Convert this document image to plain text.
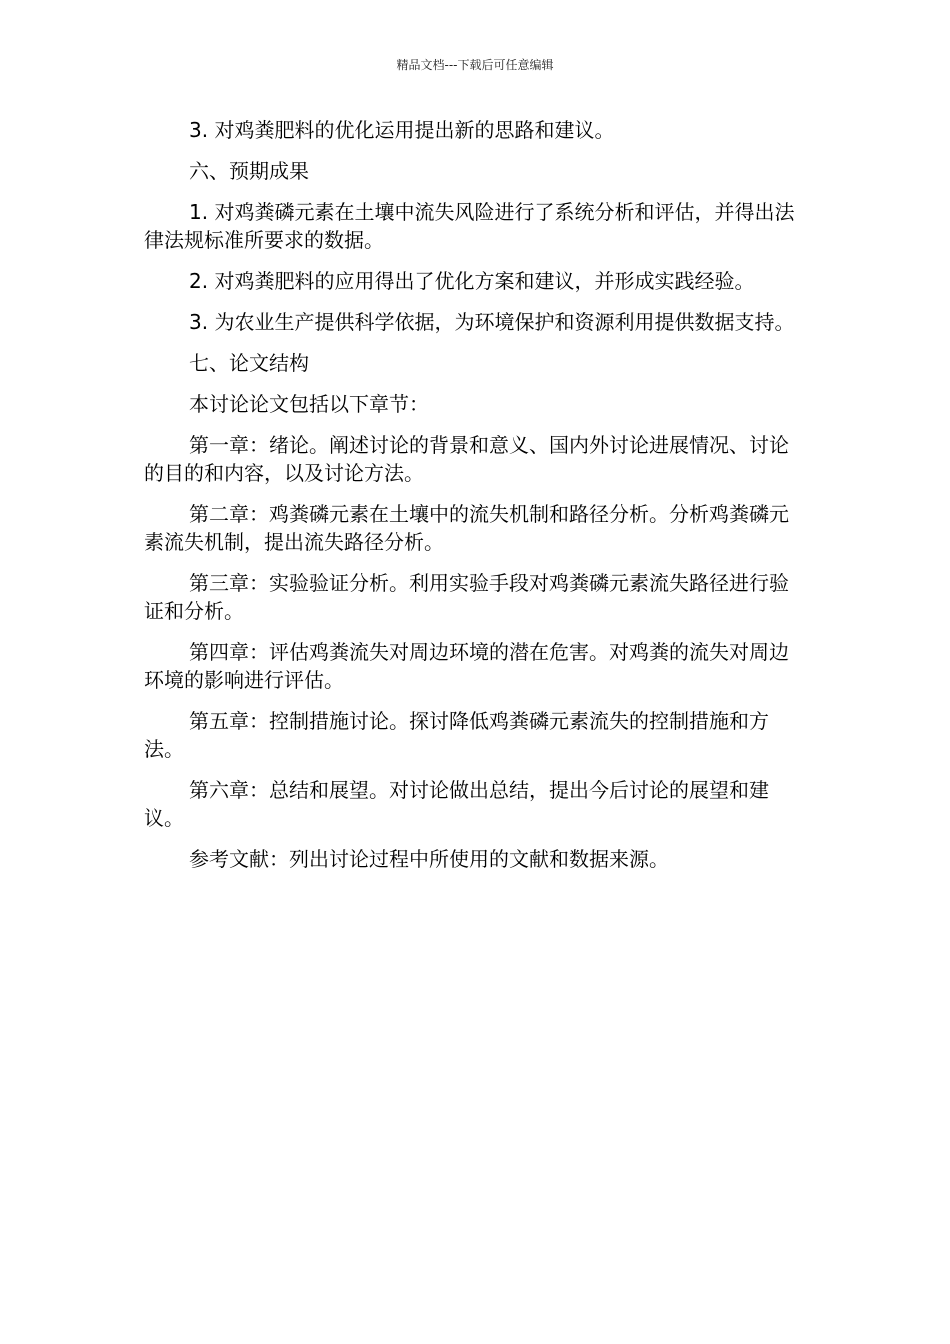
精品文档---下载后可任意编辑

3. 对鸡粪肥料的优化运用提出新的思路和建议。

六、预期成果

1. 对鸡粪磷元素在土壤中流失风险进行了系统分析和评估，并得出法律法规标准所要求的数据。

2. 对鸡粪肥料的应用得出了优化方案和建议，并形成实践经验。

3. 为农业生产提供科学依据，为环境保护和资源利用提供数据支持。

七、论文结构

本讨论论文包括以下章节：

第一章：绪论。阐述讨论的背景和意义、国内外讨论进展情况、讨论的目的和内容，以及讨论方法。

第二章：鸡粪磷元素在土壤中的流失机制和路径分析。分析鸡粪磷元素流失机制，提出流失路径分析。

第三章：实验验证分析。利用实验手段对鸡粪磷元素流失路径进行验证和分析。

第四章：评估鸡粪流失对周边环境的潜在危害。对鸡粪的流失对周边环境的影响进行评估。

第五章：控制措施讨论。探讨降低鸡粪磷元素流失的控制措施和方法。

第六章：总结和展望。对讨论做出总结，提出今后讨论的展望和建议。

参考文献：列出讨论过程中所使用的文献和数据来源。
